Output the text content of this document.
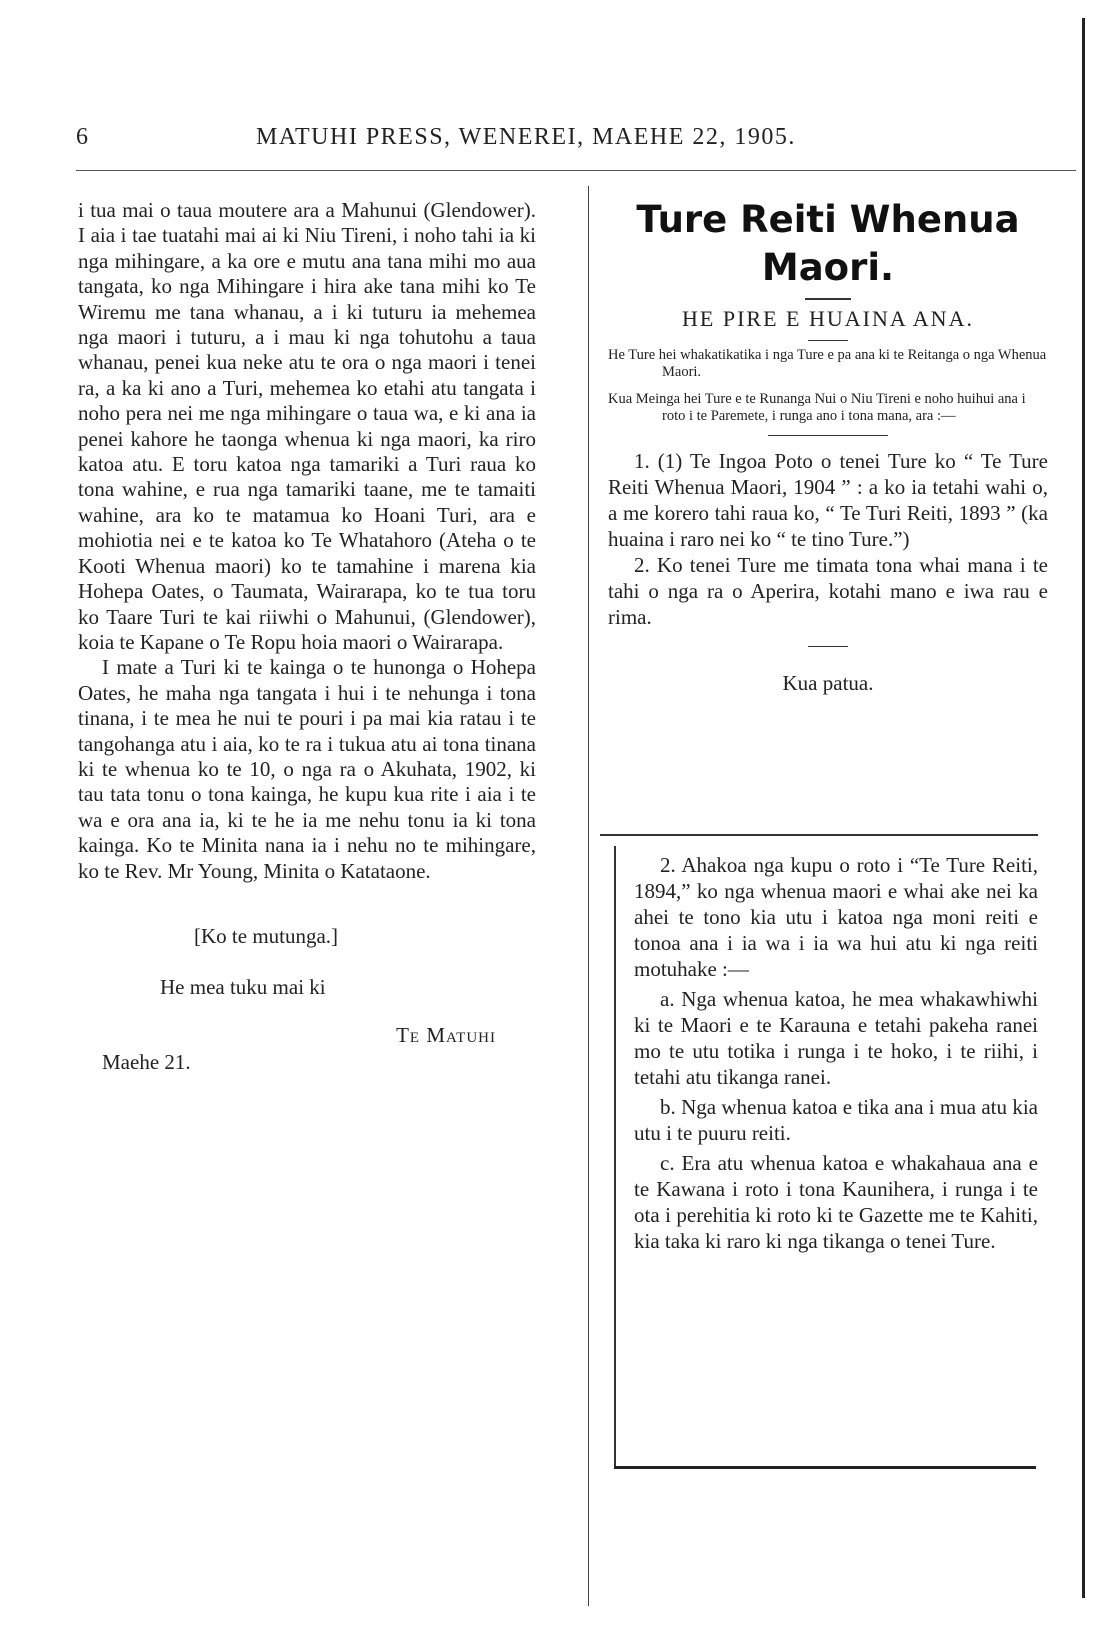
6	MATUHI PRESS, WENEREI, MAEHE 22, 1905.

i tua mai o taua moutere ara a Mahunui (Glendower). I aia i tae tuatahi mai ai ki Niu Tireni, i noho tahi ia ki nga mihingare, a ka ore e mutu ana tana mihi mo aua tangata, ko nga Mihingare i hira ake tana mihi ko Te Wiremu me tana whanau, a i ki tuturu ia mehemea nga maori i tuturu, a i mau ki nga tohutohu a taua whanau, penei kua neke atu te ora o nga maori i tenei ra, a ka ki ano a Turi, mehemea ko etahi atu tangata i noho pera nei me nga mihingare o taua wa, e ki ana ia penei kahore he taonga whenua ki nga maori, ka riro katoa atu. E toru katoa nga tamariki a Turi raua ko tona wahine, e rua nga tamariki taane, me te tamaiti wahine, ara ko te matamua ko Hoani Turi, ara e mohiotia nei e te katoa ko Te Whatahoro (Ateha o te Kooti Whenua maori) ko te tamahine i marena kia Hohepa Oates, o Taumata, Wairarapa, ko te tua toru ko Taare Turi te kai riiwhi o Mahunui, (Glendower), koia te Kapane o Te Ropu hoia maori o Wairarapa.

I mate a Turi ki te kainga o te hunonga o Hohepa Oates, he maha nga tangata i hui i te nehunga i tona tinana, i te mea he nui te pouri i pa mai kia ratau i te tangohanga atu i aia, ko te ra i tukua atu ai tona tinana ki te whenua ko te 10, o nga ra o Akuhata, 1902, ki tau tata tonu o tona kainga, he kupu kua rite i aia i te wa e ora ana ia, ki te he ia me nehu tonu ia ki tona kainga. Ko te Minita nana ia i nehu no te mihingare, ko te Rev. Mr Young, Minita o Katataone.

[Ko te mutunga.]
He mea tuku mai ki
Te Matuhi
Maehe 21.
Ture Reiti Whenua Maori.
HE PIRE E HUAINA ANA.

He Ture hei whakatikatika i nga Ture e pa ana ki te Reitanga o nga Whenua Maori.

Kua Meinga hei Ture e te Runanga Nui o Niu Tireni e noho huihui ana i roto i te Paremete, i runga ano i tona mana, ara :—

1. (1) Te Ingoa Poto o tenei Ture ko “ Te Ture Reiti Whenua Maori, 1904 ” : a ko ia tetahi wahi o, a me korero tahi raua ko, “ Te Turi Reiti, 1893 ” (ka huaina i raro nei ko “ te tino Ture.”)

2. Ko tenei Ture me timata tona whai mana i te tahi o nga ra o Aperira, kotahi mano e iwa rau e rima.

Kua patua.

2. Ahakoa nga kupu o roto i “Te Ture Reiti, 1894,” ko nga whenua maori e whai ake nei ka ahei te tono kia utu i katoa nga moni reiti e tonoa ana i ia wa i ia wa hui atu ki nga reiti motuhake :—

a. Nga whenua katoa, he mea whakawhiwhi ki te Maori e te Karauna e tetahi pakeha ranei mo te utu totika i runga i te hoko, i te riihi, i tetahi atu tikanga ranei.

b. Nga whenua katoa e tika ana i mua atu kia utu i te puuru reiti.

c. Era atu whenua katoa e whakahaua ana e te Kawana i roto i tona Kaunihera, i runga i te ota i perehitia ki roto ki te Gazette me te Kahiti, kia taka ki raro ki nga tikanga o tenei Ture.
